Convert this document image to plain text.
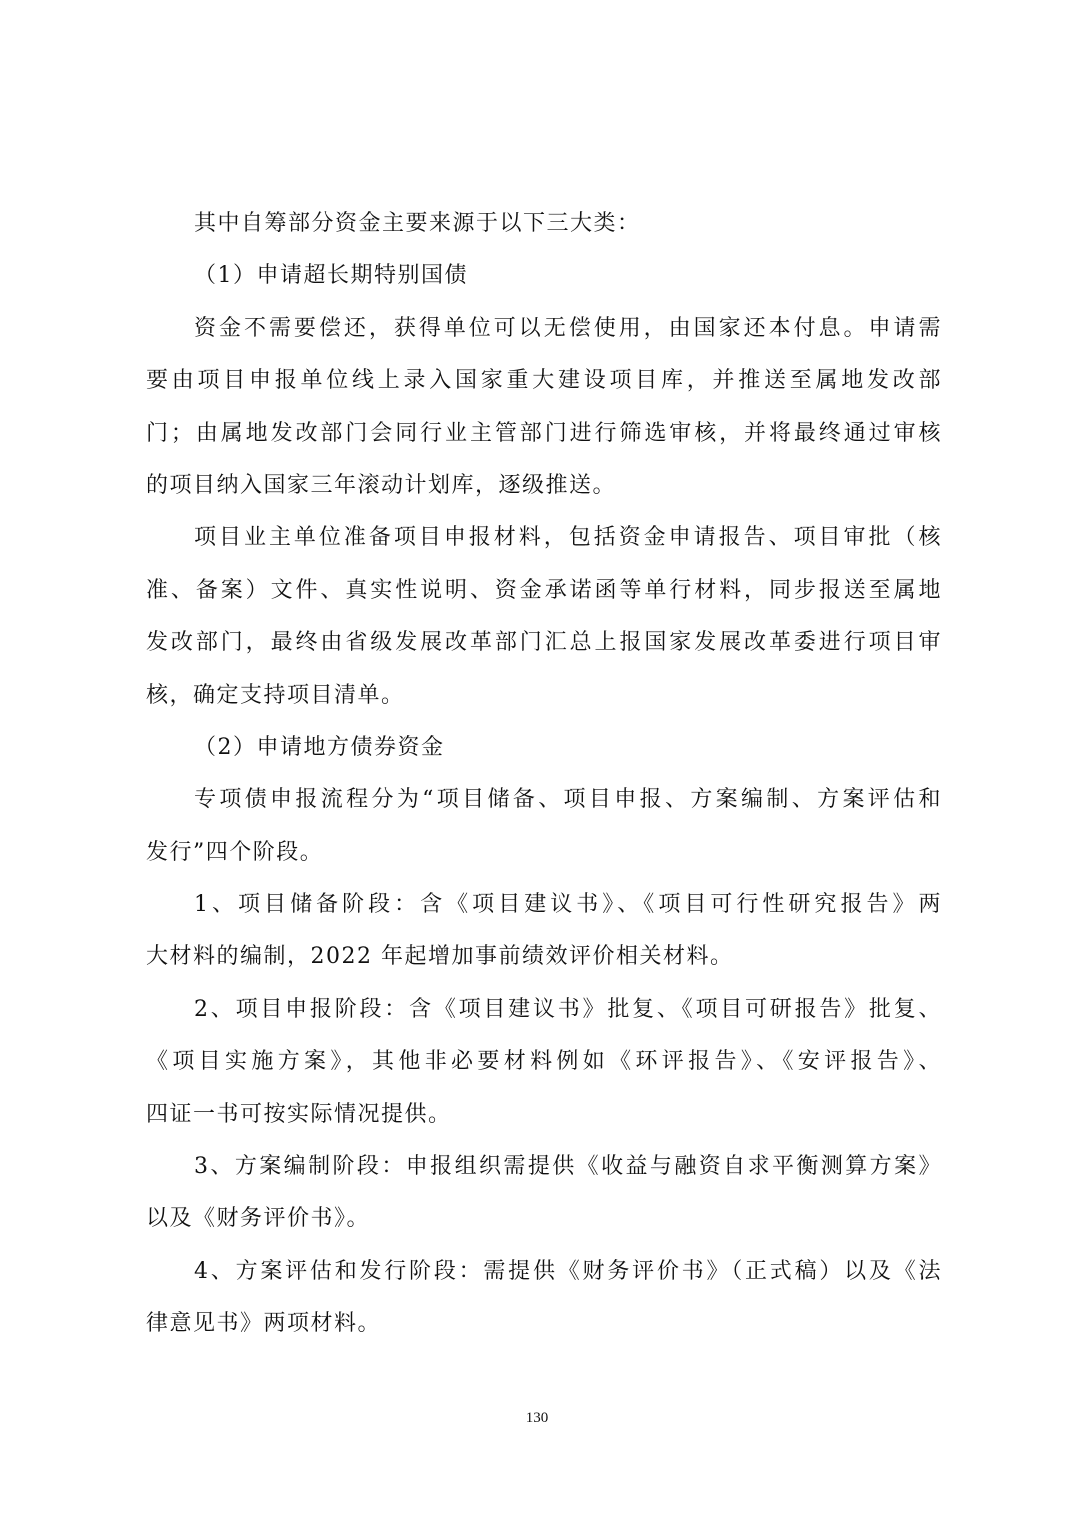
其中自筹部分资金主要来源于以下三大类：
（1）申请超长期特别国债
资金不需要偿还，获得单位可以无偿使用，由国家还本付息。申请需
要由项目申报单位线上录入国家重大建设项目库，并推送至属地发改部
门；由属地发改部门会同行业主管部门进行筛选审核，并将最终通过审核
的项目纳入国家三年滚动计划库，逐级推送。
项目业主单位准备项目申报材料，包括资金申请报告、项目审批（核
准、备案）文件、真实性说明、资金承诺函等单行材料，同步报送至属地
发改部门，最终由省级发展改革部门汇总上报国家发展改革委进行项目审
核，确定支持项目清单。
（2）申请地方债券资金
专项债申报流程分为“项目储备、项目申报、方案编制、方案评估和
发行”四个阶段。
1、项目储备阶段：含《项目建议书》、《项目可行性研究报告》两
大材料的编制，2022 年起增加事前绩效评价相关材料。
2、项目申报阶段：含《项目建议书》批复、《项目可研报告》批复、
《项目实施方案》，其他非必要材料例如《环评报告》、《安评报告》、
四证一书可按实际情况提供。
3、方案编制阶段：申报组织需提供《收益与融资自求平衡测算方案》
以及《财务评价书》。
4、方案评估和发行阶段：需提供《财务评价书》（正式稿）以及《法
律意见书》两项材料。
130
